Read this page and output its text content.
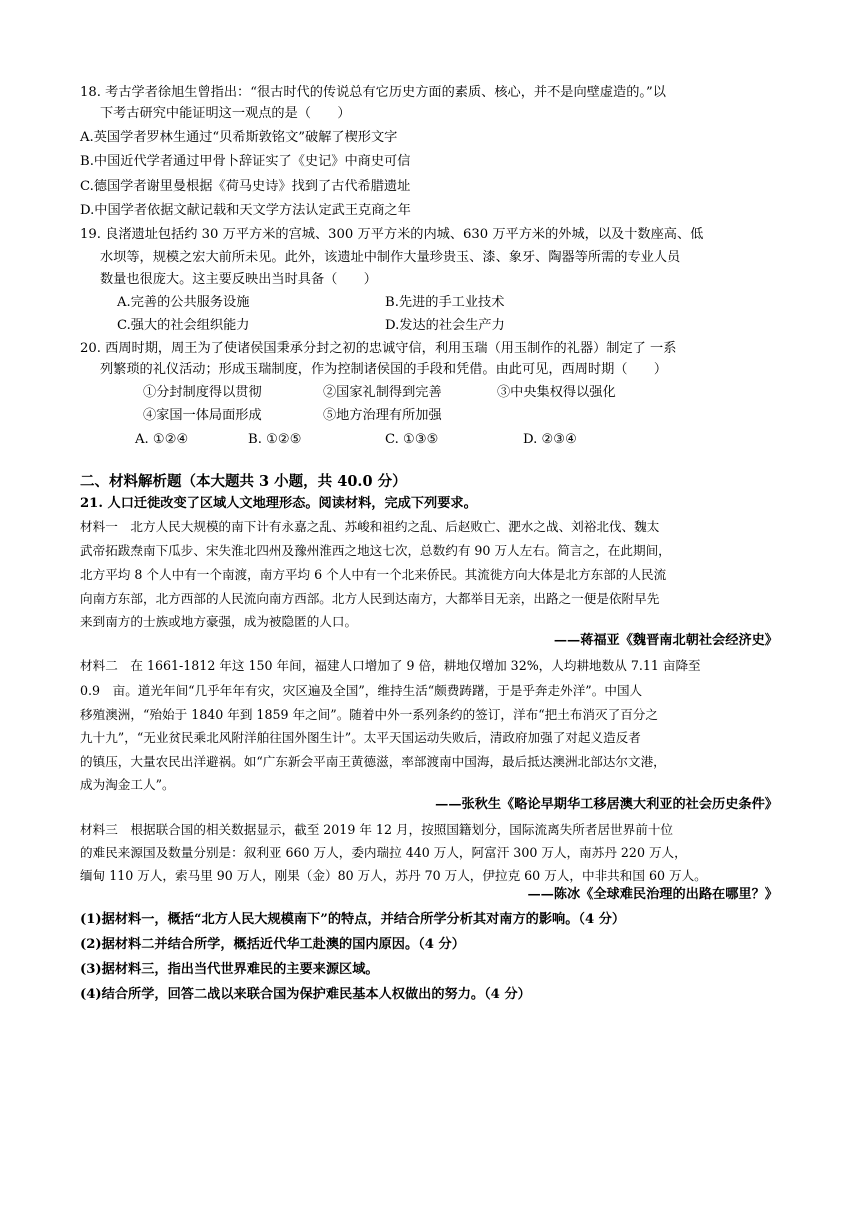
18. 考古学者徐旭生曾指出：“很古时代的传说总有它历史方面的素质、核心，并不是向壁虚造的。”以
下考古研究中能证明这一观点的是（　　）
A.英国学者罗林生通过“贝希斯敦铭文”破解了楔形文字
B.中国近代学者通过甲骨卜辞证实了《史记》中商史可信
C.德国学者谢里曼根据《荷马史诗》找到了古代希腊遗址
D.中国学者依据文献记载和天文学方法认定武王克商之年
19. 良渚遗址包括约 30 万平方米的宫城、300 万平方米的内城、630 万平方米的外城，以及十数座高、低
水坝等，规模之宏大前所未见。此外，该遗址中制作大量珍贵玉、漆、象牙、陶器等所需的专业人员
数量也很庞大。这主要反映出当时具备（　　）
A.完善的公共服务设施	B.先进的手工业技术
C.强大的社会组织能力	D.发达的社会生产力
20. 西周时期，周王为了使诸侯国秉承分封之初的忠诚守信，利用玉瑞（用玉制作的礼器）制定了 一系
列繁琐的礼仪活动；形成玉瑞制度，作为控制诸侯国的手段和凭借。由此可见，西周时期（　　）
①分封制度得以贯彻	②国家礼制得到完善	③中央集权得以强化
④家国一体局面形成	⑤地方治理有所加强
A. ①②④	B. ①②⑤	C. ①③⑤	D. ②③④
二、材料解析题（本大题共 3 小题，共 40.0 分）
21. 人口迁徙改变了区域人文地理形态。阅读材料，完成下列要求。
材料一　北方人民大规模的南下计有永嘉之乱、苏峻和祖约之乱、后赵败亡、淝水之战、刘裕北伐、魏太
武帝拓跋焘南下瓜步、宋失淮北四州及豫州淮西之地这七次，总数约有 90 万人左右。简言之，在此期间，
北方平均 8 个人中有一个南渡，南方平均 6 个人中有一个北来侨民。其流徙方向大体是北方东部的人民流
向南方东部，北方西部的人民流向南方西部。北方人民到达南方，大都举目无亲，出路之一便是依附早先
来到南方的士族或地方豪强，成为被隐匿的人口。
——蒋福亚《魏晋南北朝社会经济史》
材料二　在 1661-1812 年这 150 年间，福建人口增加了 9 倍，耕地仅增加 32%，人均耕地数从 7.11 亩降至
0.9　亩。道光年间“几乎年年有灾，灾区遍及全国”，维持生活“颇费踌躇，于是乎奔走外洋”。中国人
移殖澳洲，“殆始于 1840 年到 1859 年之间”。随着中外一系列条约的签订，洋布“把土布消灭了百分之
九十九”，“无业贫民乘北风附洋舶往国外图生计”。太平天国运动失败后，清政府加强了对起义造反者
的镇压，大量农民出洋避祸。如“广东新会平南王黄德滋，率部渡南中国海，最后抵达澳洲北部达尔文港，
成为淘金工人”。
——张秋生《略论早期华工移居澳大利亚的社会历史条件》
材料三　根据联合国的相关数据显示，截至 2019 年 12 月，按照国籍划分，国际流离失所者居世界前十位
的难民来源国及数量分别是：叙利亚 660 万人，委内瑞拉 440 万人，阿富汗 300 万人，南苏丹 220 万人，
缅甸 110 万人，索马里 90 万人，刚果（金）80 万人，苏丹 70 万人，伊拉克 60 万人，中非共和国 60 万人。
——陈冰《全球难民治理的出路在哪里？》
(1)据材料一，概括“北方人民大规模南下”的特点，并结合所学分析其对南方的影响。（4 分）
(2)据材料二并结合所学，概括近代华工赴澳的国内原因。（4 分）
(3)据材料三，指出当代世界难民的主要来源区域。
(4)结合所学，回答二战以来联合国为保护难民基本人权做出的努力。（4 分）
